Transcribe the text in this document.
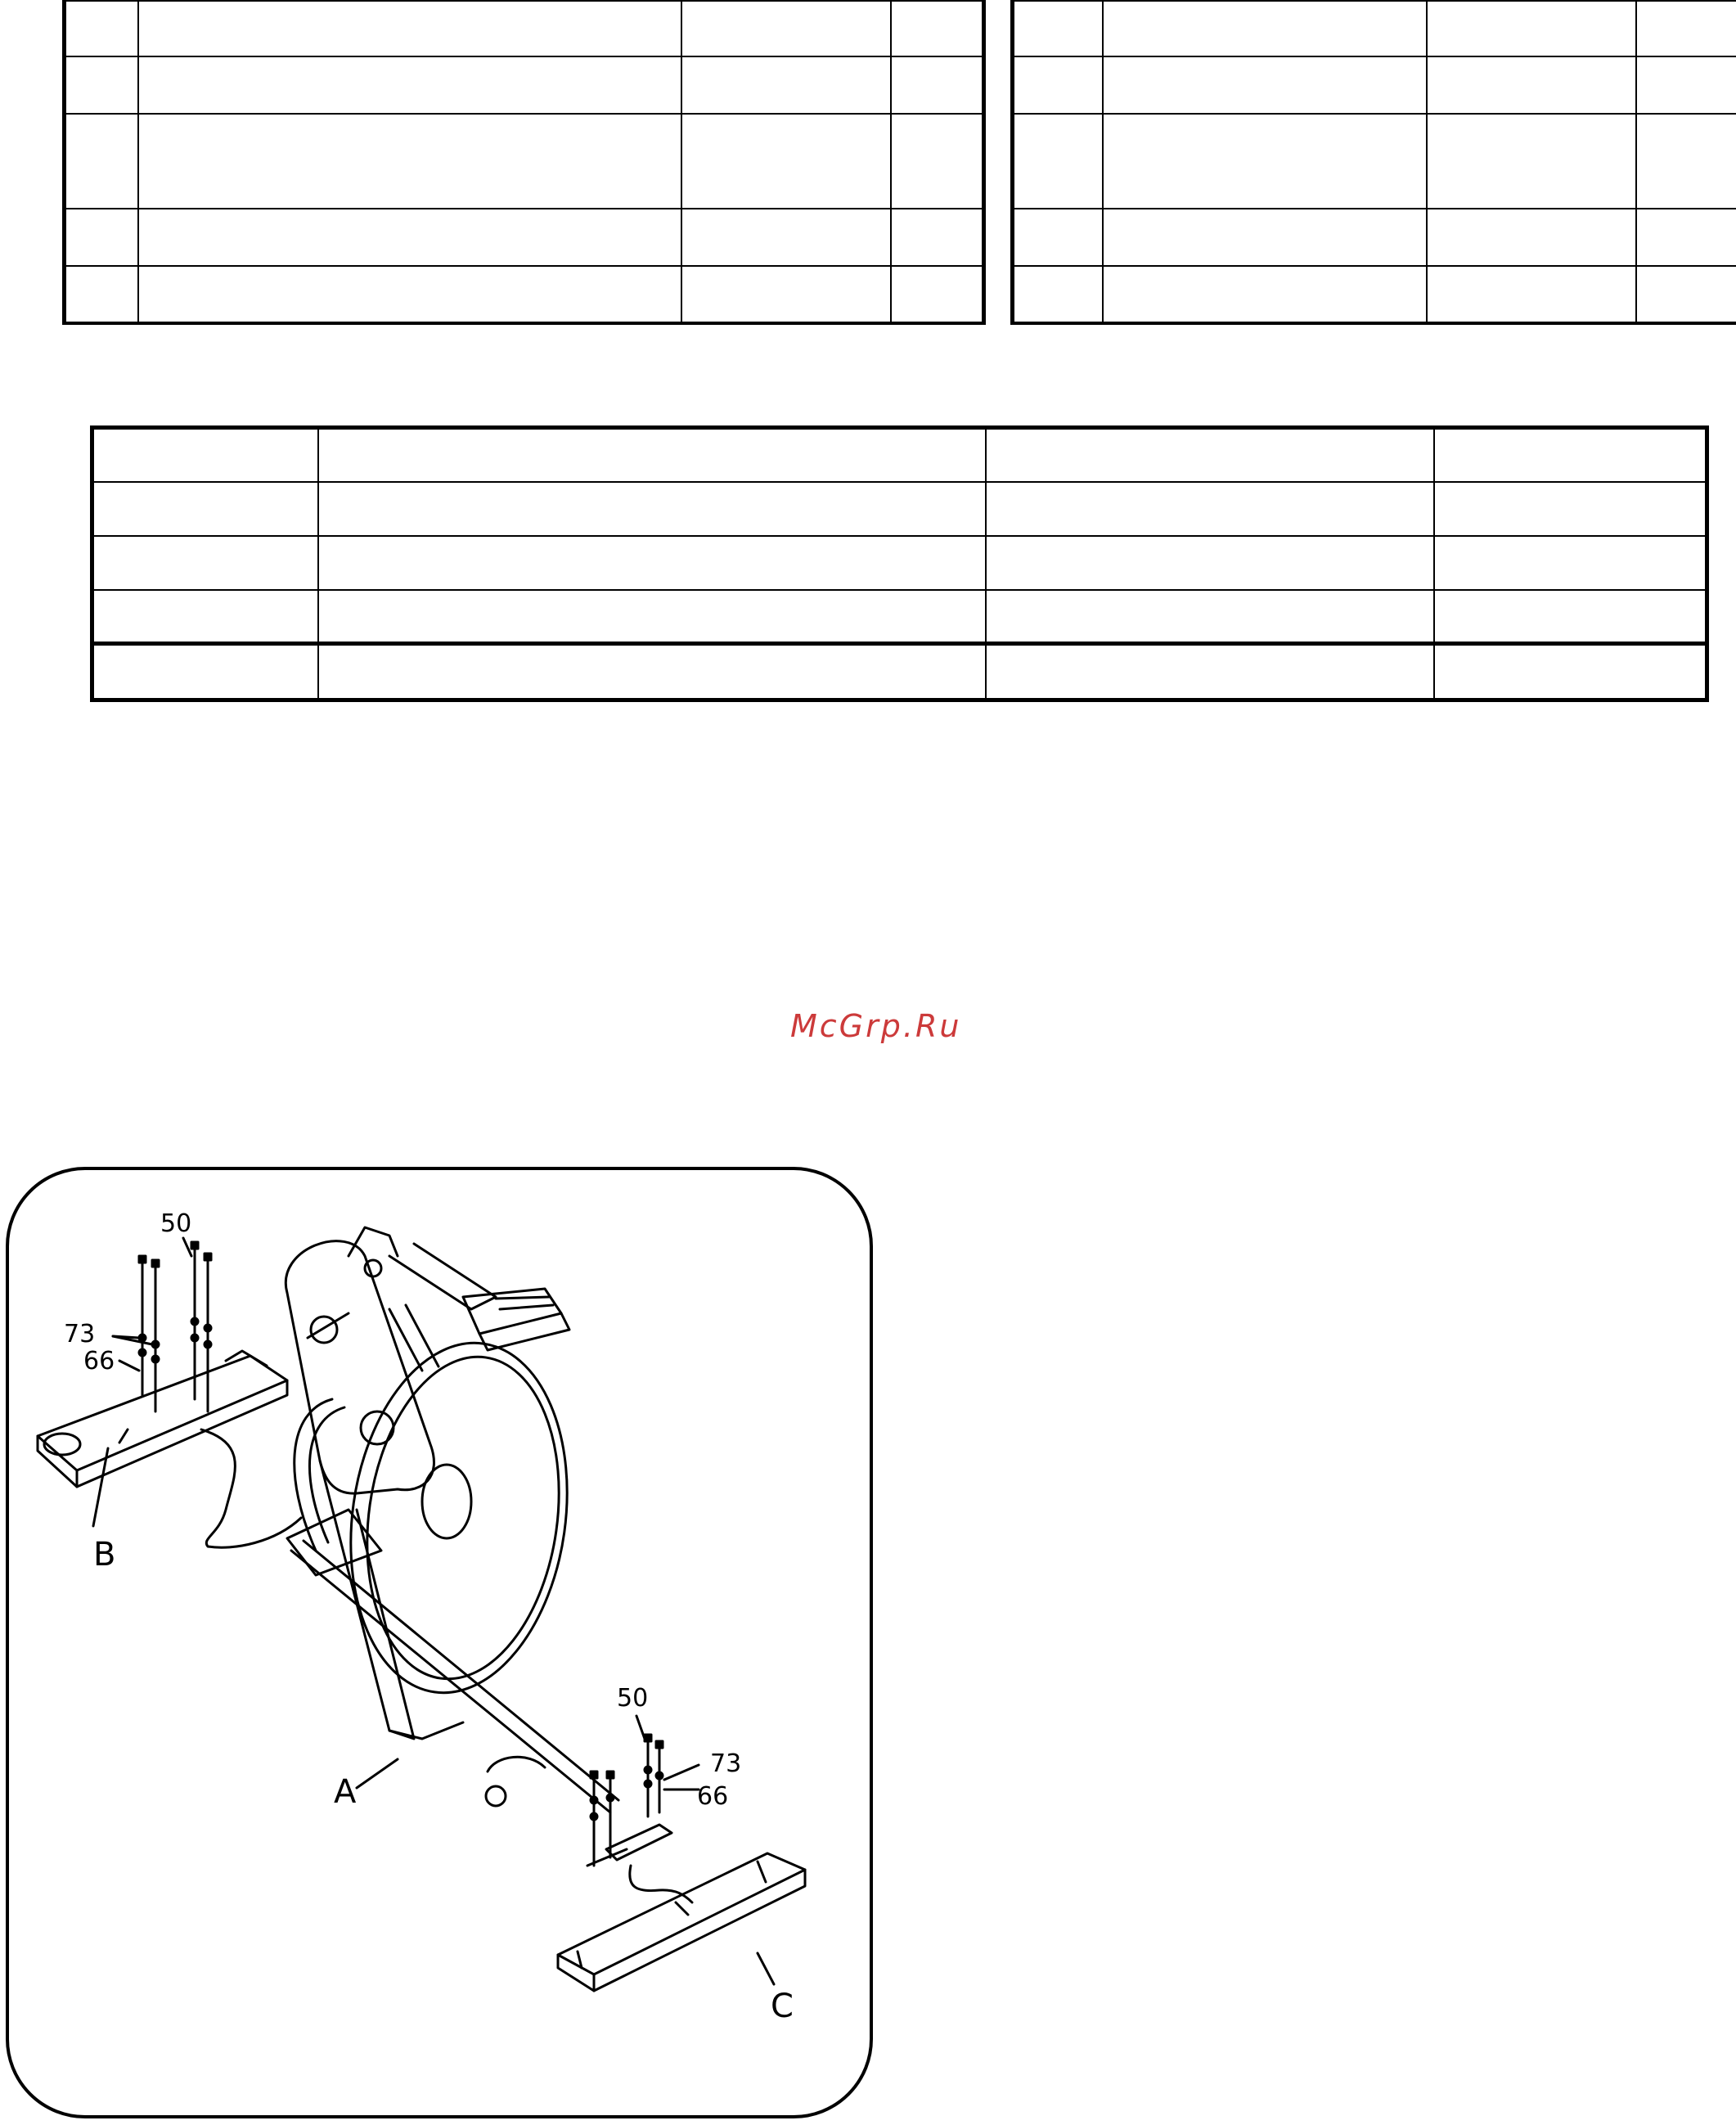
McGrp.Ru
50
73
66
B
A
50
73
66
C
